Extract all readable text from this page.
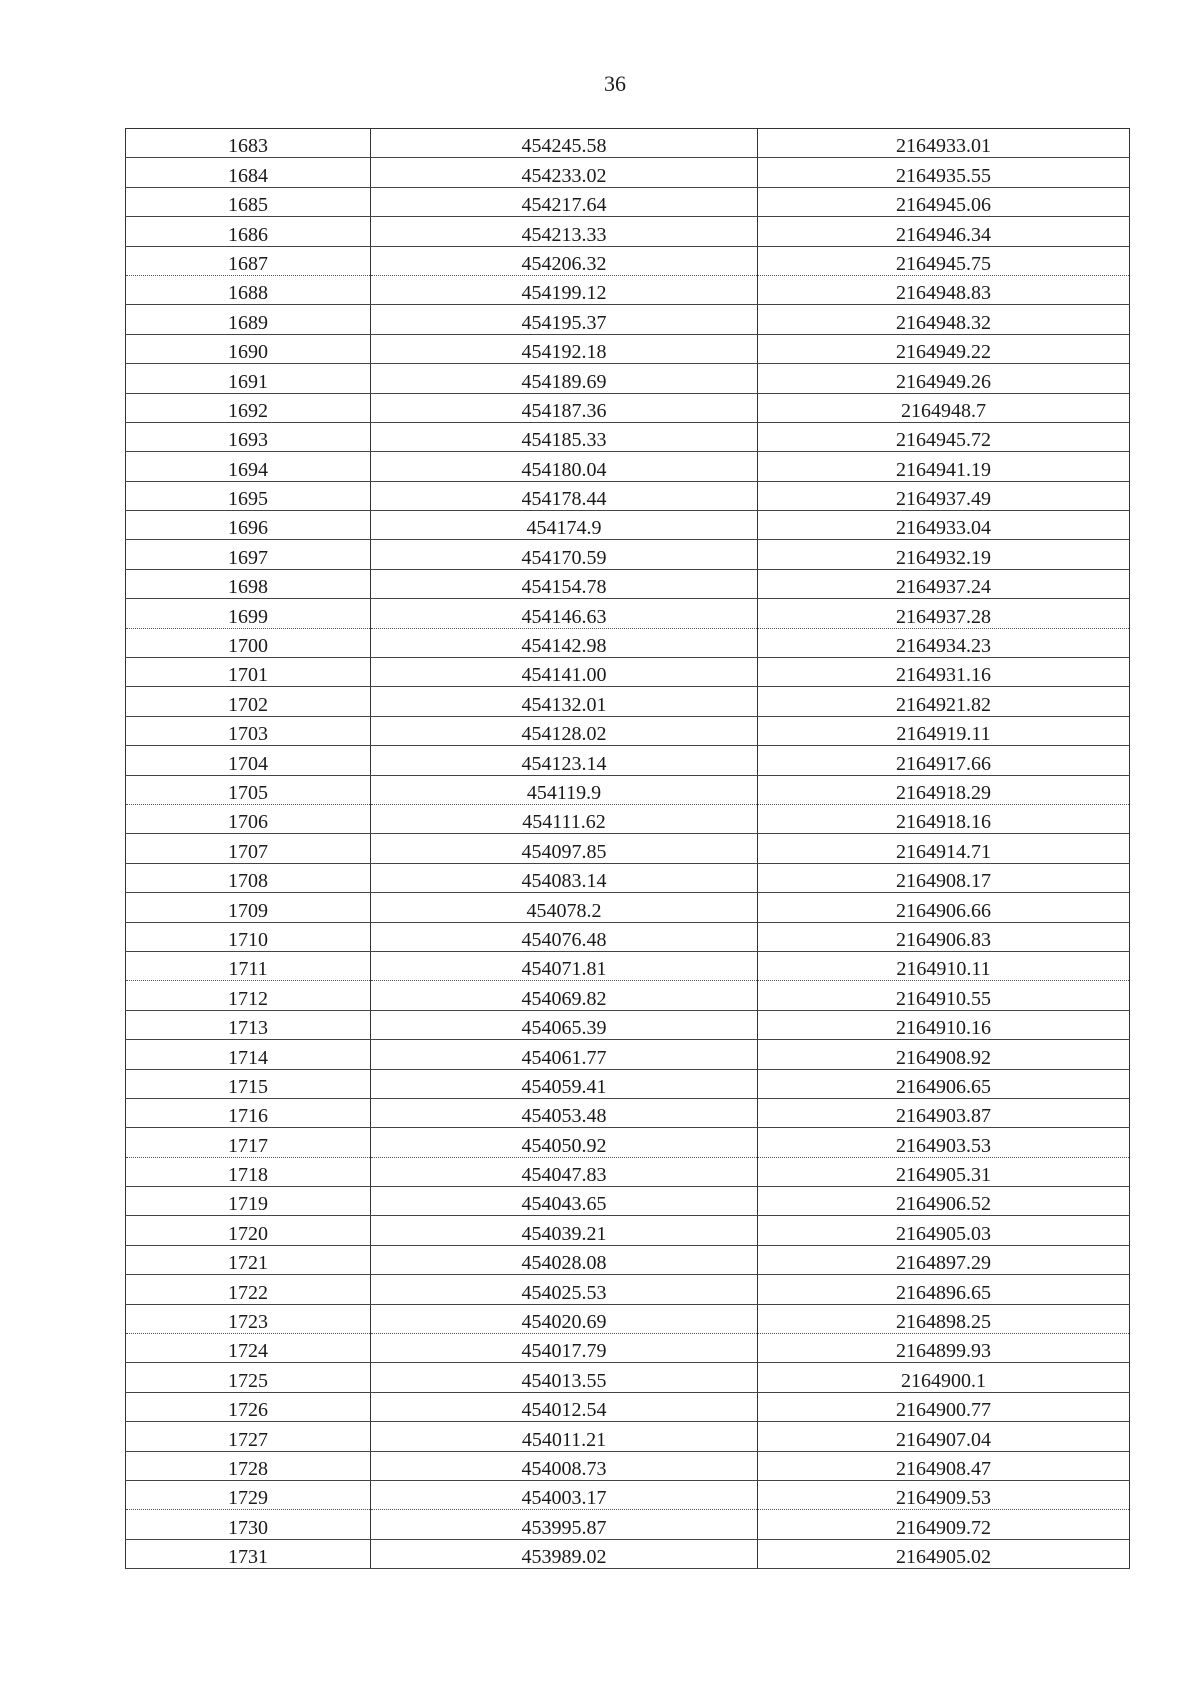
36
1683	454245.58	2164933.01
1684	454233.02	2164935.55
1685	454217.64	2164945.06
1686	454213.33	2164946.34
1687	454206.32	2164945.75
1688	454199.12	2164948.83
1689	454195.37	2164948.32
1690	454192.18	2164949.22
1691	454189.69	2164949.26
1692	454187.36	2164948.7
1693	454185.33	2164945.72
1694	454180.04	2164941.19
1695	454178.44	2164937.49
1696	454174.9	2164933.04
1697	454170.59	2164932.19
1698	454154.78	2164937.24
1699	454146.63	2164937.28
1700	454142.98	2164934.23
1701	454141.00	2164931.16
1702	454132.01	2164921.82
1703	454128.02	2164919.11
1704	454123.14	2164917.66
1705	454119.9	2164918.29
1706	454111.62	2164918.16
1707	454097.85	2164914.71
1708	454083.14	2164908.17
1709	454078.2	2164906.66
1710	454076.48	2164906.83
1711	454071.81	2164910.11
1712	454069.82	2164910.55
1713	454065.39	2164910.16
1714	454061.77	2164908.92
1715	454059.41	2164906.65
1716	454053.48	2164903.87
1717	454050.92	2164903.53
1718	454047.83	2164905.31
1719	454043.65	2164906.52
1720	454039.21	2164905.03
1721	454028.08	2164897.29
1722	454025.53	2164896.65
1723	454020.69	2164898.25
1724	454017.79	2164899.93
1725	454013.55	2164900.1
1726	454012.54	2164900.77
1727	454011.21	2164907.04
1728	454008.73	2164908.47
1729	454003.17	2164909.53
1730	453995.87	2164909.72
1731	453989.02	2164905.02
